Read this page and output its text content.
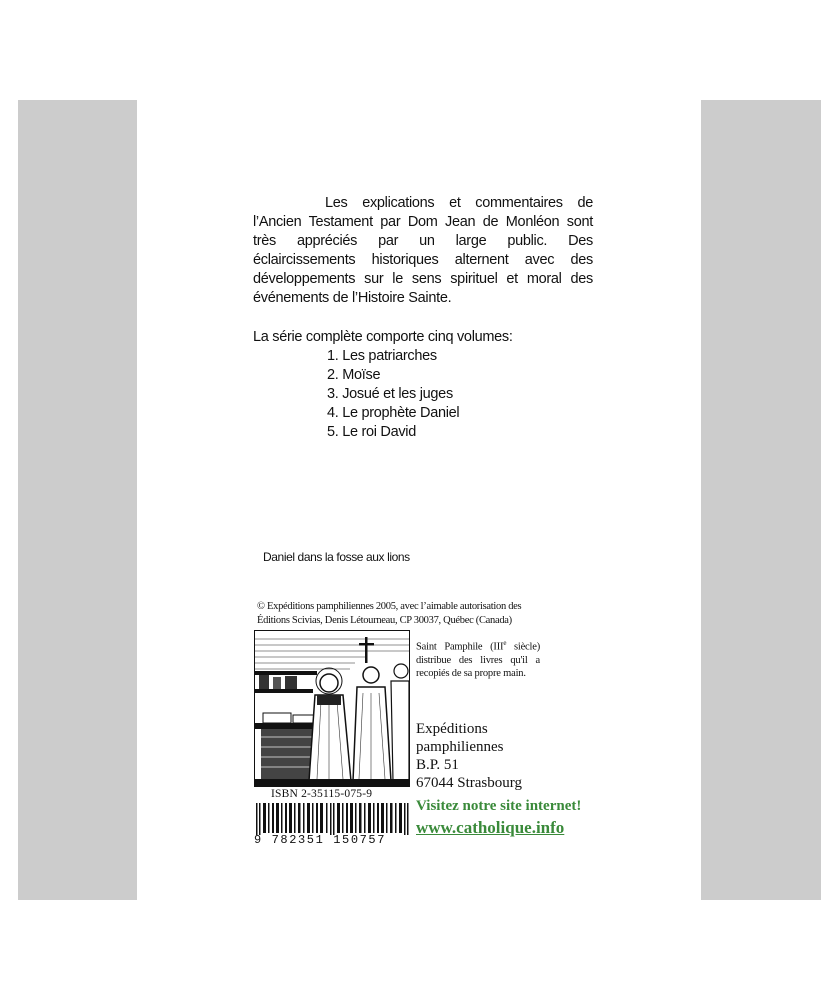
Les explications et commentaires de l’Ancien Testament par Dom Jean de Monléon sont très appréciés par un large public. Des éclaircissements historiques alternent avec des développements sur le sens spirituel et moral des événements de l’Histoire Sainte.

La série complète comporte cinq volumes:

1. Les patriarches
2. Moïse
3. Josué et les juges
4. Le prophète Daniel
5. Le roi David
Daniel dans la fosse aux lions
© Expéditions pamphiliennes 2005, avec l’aimable autorisation des Éditions Scivias, Denis Létourneau, CP 30037, Québec (Canada)
ISBN 2-35115-075-9
9 782351 150757

Saint Pamphile (IIIe siècle) distribue des livres qu'il a recopiés de sa propre main.

Expéditions
pamphiliennes
B.P. 51
67044 Strasbourg
Visitez notre site internet!
www.catholique.info
